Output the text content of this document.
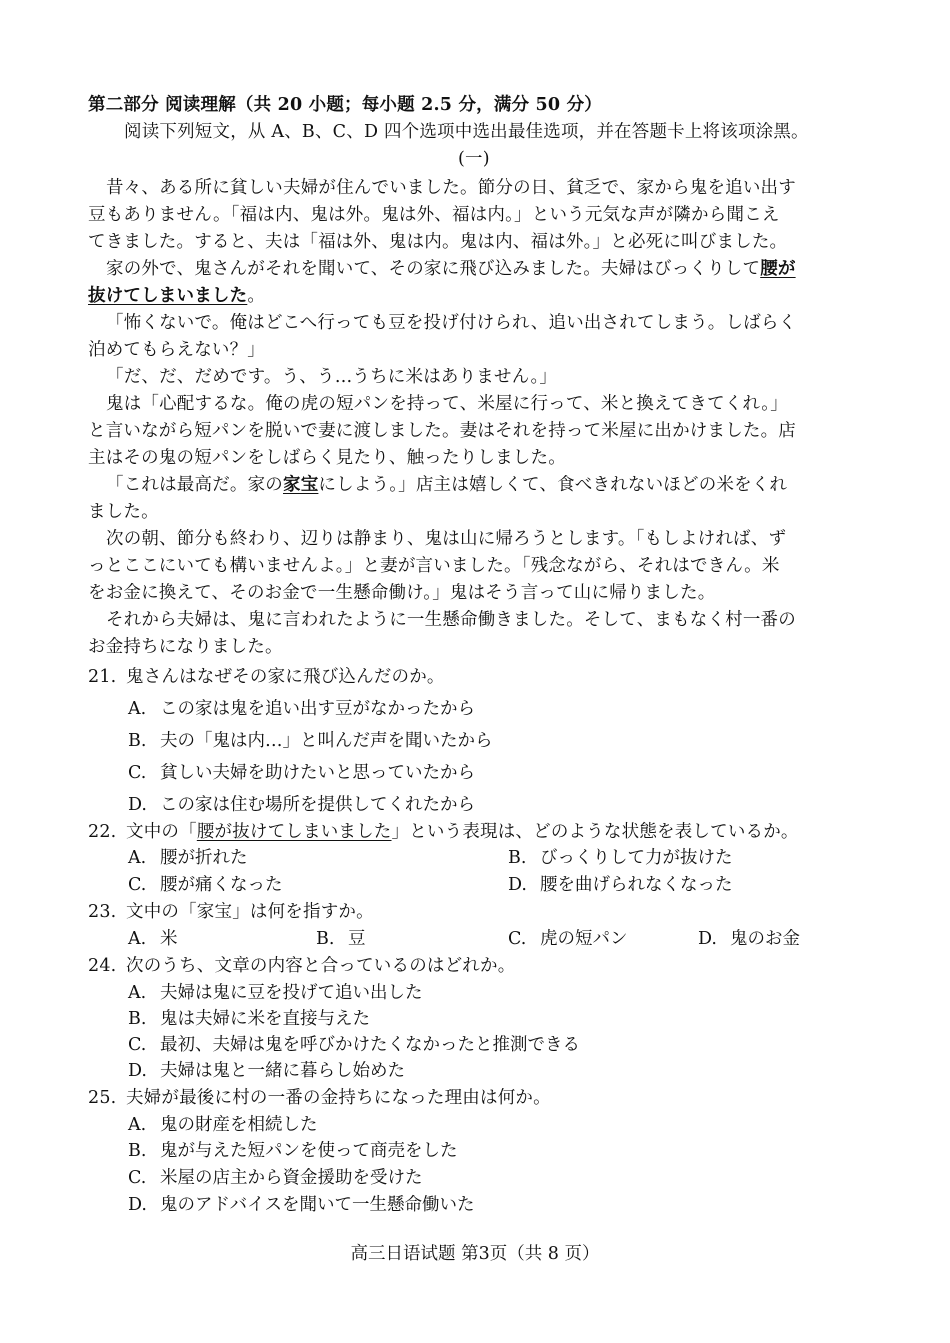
第二部分 阅读理解（共 20 小题；每小题 2.5 分，满分 50 分）
阅读下列短文，从 A、B、C、D 四个选项中选出最佳选项，并在答题卡上将该项涂黑。
(一)
昔々、ある所に貧しい夫婦が住んでいました。節分の日、貧乏で、家から鬼を追い出す
豆もありません。「福は内、鬼は外。鬼は外、福は内。」という元気な声が隣から聞こえ
てきました。すると、夫は「福は外、鬼は内。鬼は内、福は外。」と必死に叫びました。
家の外で、鬼さんがそれを聞いて、その家に飛び込みました。夫婦はびっくりして腰が
抜けてしまいました。
「怖くないで。俺はどこへ行っても豆を投げ付けられ、追い出されてしまう。しばらく
泊めてもらえない？」
「だ、だ、だめです。う、う…うちに米はありません。」
鬼は「心配するな。俺の虎の短パンを持って、米屋に行って、米と換えてきてくれ。」
と言いながら短パンを脱いで妻に渡しました。妻はそれを持って米屋に出かけました。店
主はその鬼の短パンをしばらく見たり、触ったりしました。
「これは最高だ。家の家宝にしよう。」店主は嬉しくて、食べきれないほどの米をくれ
ました。
次の朝、節分も終わり、辺りは静まり、鬼は山に帰ろうとします。「もしよければ、ず
っとここにいても構いませんよ。」と妻が言いました。「残念ながら、それはできん。米
をお金に換えて、そのお金で一生懸命働け。」鬼はそう言って山に帰りました。
それから夫婦は、鬼に言われたように一生懸命働きました。そして、まもなく村一番の
お金持ちになりました。
21. 鬼さんはなぜその家に飛び込んだのか。
A. この家は鬼を追い出す豆がなかったから
B. 夫の「鬼は内…」と叫んだ声を聞いたから
C. 貧しい夫婦を助けたいと思っていたから
D. この家は住む場所を提供してくれたから
22. 文中の「腰が抜けてしまいました」という表現は、どのような状態を表しているか。
A. 腰が折れた	B. びっくりして力が抜けた
C. 腰が痛くなった	D. 腰を曲げられなくなった
23. 文中の「家宝」は何を指すか。
A. 米	B. 豆	C. 虎の短パン	D. 鬼のお金
24. 次のうち、文章の内容と合っているのはどれか。
A. 夫婦は鬼に豆を投げて追い出した
B. 鬼は夫婦に米を直接与えた
C. 最初、夫婦は鬼を呼びかけたくなかったと推測できる
D. 夫婦は鬼と一緒に暮らし始めた
25. 夫婦が最後に村の一番の金持ちになった理由は何か。
A. 鬼の財産を相続した
B. 鬼が与えた短パンを使って商売をした
C. 米屋の店主から資金援助を受けた
D. 鬼のアドバイスを聞いて一生懸命働いた
高三日语试题 第3页（共 8 页）
